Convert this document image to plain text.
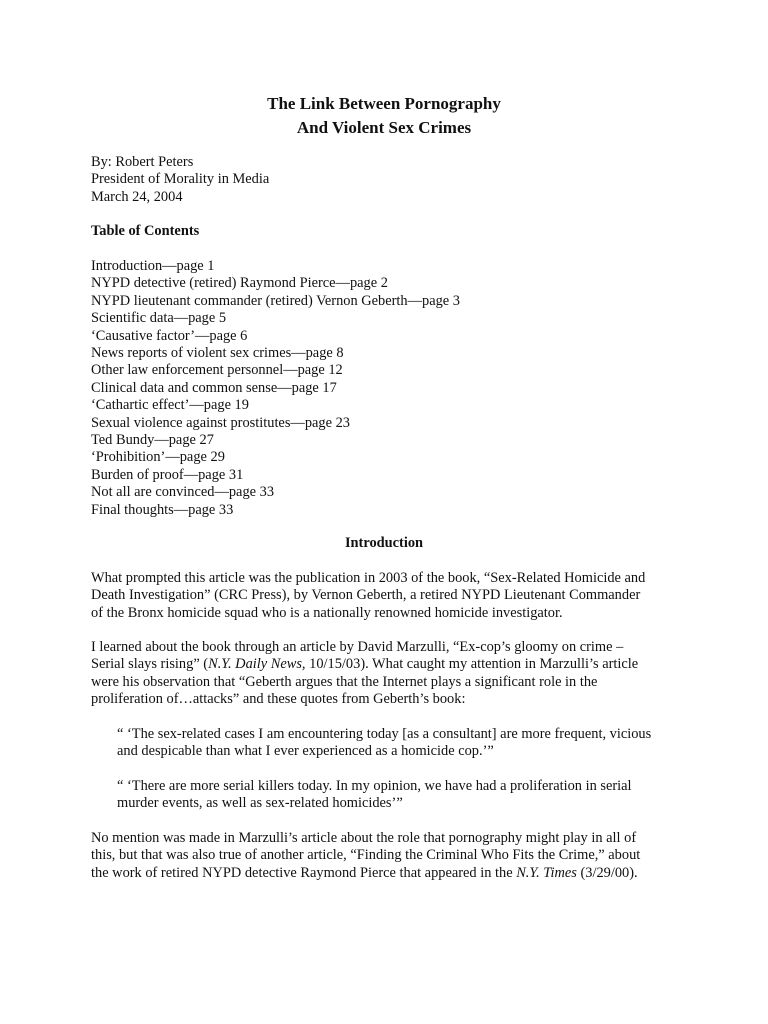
The Link Between Pornography
And Violent Sex Crimes
By: Robert Peters
President of Morality in Media
March 24, 2004
Table of Contents
Introduction—page 1
NYPD detective (retired) Raymond Pierce—page 2
NYPD lieutenant commander (retired) Vernon Geberth—page 3
Scientific data—page 5
‘Causative factor’—page 6
News reports of violent sex crimes—page 8
Other law enforcement personnel—page 12
Clinical data and common sense—page 17
‘Cathartic effect’—page 19
Sexual violence against prostitutes—page 23
Ted Bundy—page 27
‘Prohibition’—page 29
Burden of proof—page 31
Not all are convinced—page 33
Final thoughts—page 33
Introduction
What prompted this article was the publication in 2003 of the book, “Sex-Related Homicide and
Death Investigation” (CRC Press), by Vernon Geberth, a retired NYPD Lieutenant Commander
of the Bronx homicide squad who is a nationally renowned homicide investigator.
I learned about the book through an article by David Marzulli, “Ex-cop’s gloomy on crime –
Serial slays rising” (N.Y. Daily News, 10/15/03). What caught my attention in Marzulli’s article
were his observation that “Geberth argues that the Internet plays a significant role in the
proliferation of…attacks” and these quotes from Geberth’s book:
“ ‘The sex-related cases I am encountering today [as a consultant] are more frequent, vicious
and despicable than what I ever experienced as a homicide cop.’”
“ ‘There are more serial killers today. In my opinion, we have had a proliferation in serial
murder events, as well as sex-related homicides’”
No mention was made in Marzulli’s article about the role that pornography might play in all of
this, but that was also true of another article, “Finding the Criminal Who Fits the Crime,” about
the work of retired NYPD detective Raymond Pierce that appeared in the N.Y. Times (3/29/00).
